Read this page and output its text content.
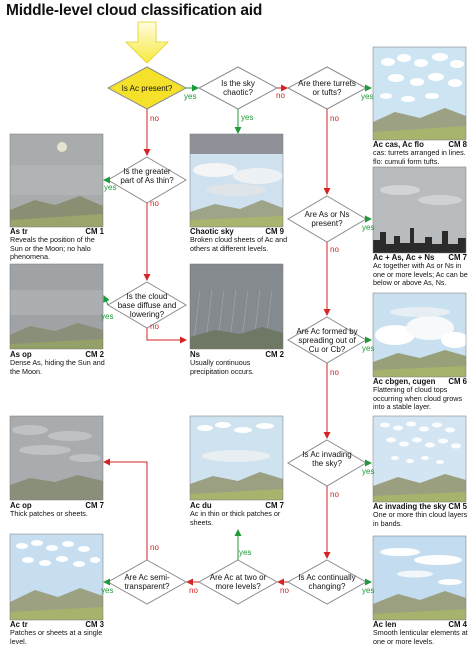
Middle-level cloud classification aid
Is Ac present?
Is the sky chaotic?
Are there turrets or tufts?
Is the greater part of As thin?
Are As or Ns present?
Is the cloud base diffuse and lowering?
Are Ac formed by spreading out of Cu or Cb?
Is Ac invading the sky?
Is Ac continually changing?
Are Ac at two or more levels?
Are Ac semi-transparent?
yes
no
no
yes
yes
no
yes
no
yes
no
yes
no
yes
no
yes
no
yes
no
yes
no
yes
no
As tr	CM 1
Reveals the position of the Sun or the Moon; no halo phenomena.
Chaotic sky	CM 9
Broken cloud sheets of Ac and others at different levels.
Ac cas, Ac flo	CM 8
cas: turrets arranged in lines. flo: cumuli form tufts.
Ac + As, Ac + Ns CM 7
Ac together with As or Ns in one or more levels; Ac can be below or above As, Ns.
As op	CM 2
Dense As, hiding the Sun and the Moon.
Ns	CM 2
Usually continuous precipitation occurs.
Ac cbgen, cugen CM 6
Flattening of cloud tops occurring when cloud grows into a stable layer.
Ac op	CM 7
Thick patches or sheets.
Ac du	CM 7
Ac in thin or thick patches or sheets.
Ac invading the sky CM 5
One or more thin cloud layers in bands.
Ac tr	CM 3
Patches or sheets at a single level.
Ac len	CM 4
Smooth lenticular elements at one or more levels.
